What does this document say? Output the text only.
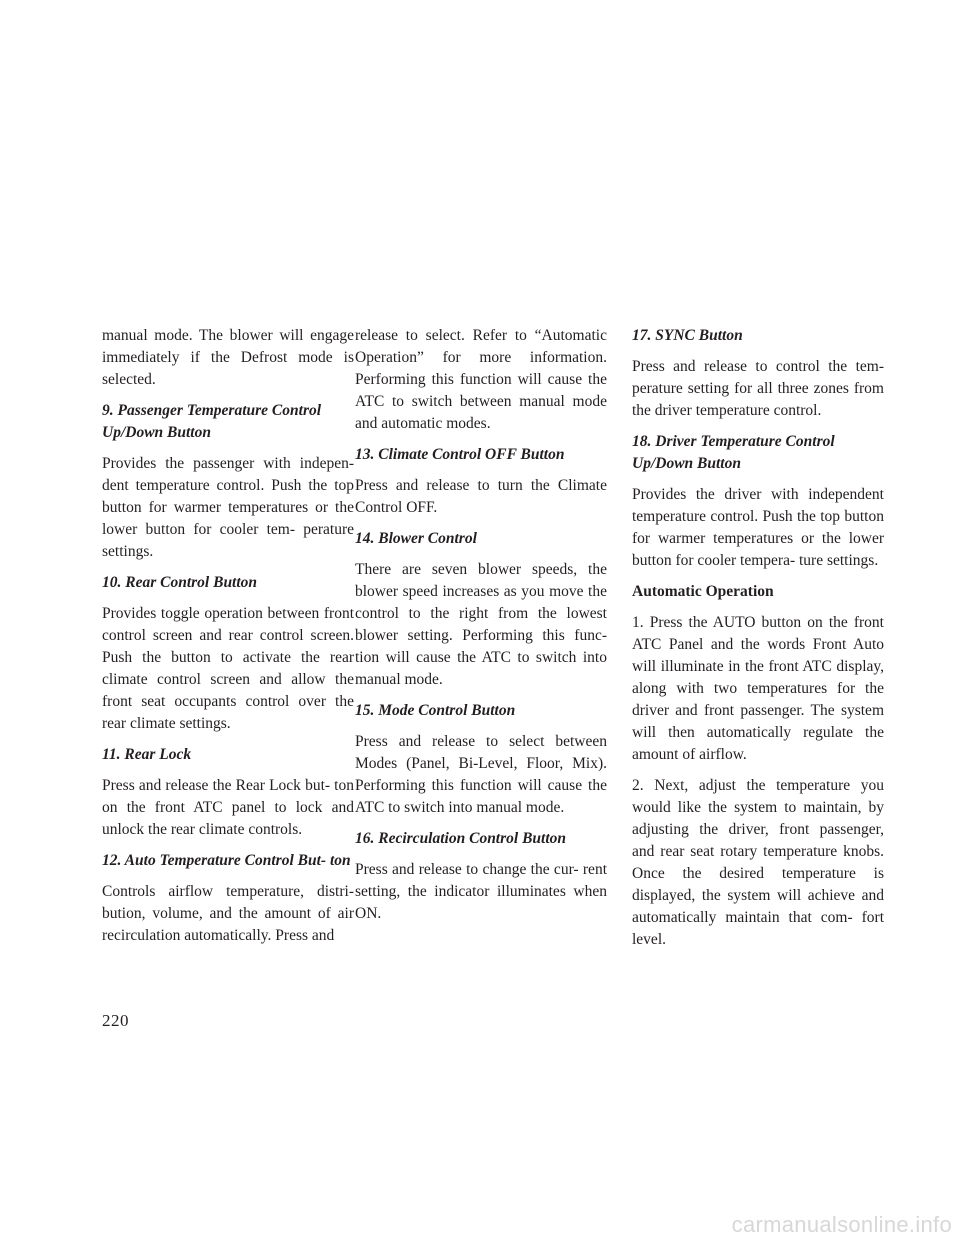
manual mode. The blower will engage immediately if the Defrost mode is selected.

9. Passenger Temperature Control Up/Down Button

Provides the passenger with indepen- dent temperature control. Push the top button for warmer temperatures or the lower button for cooler tem- perature settings.

10. Rear Control Button

Provides toggle operation between front control screen and rear control screen. Push the button to activate the rear climate control screen and allow the front seat occupants control over the rear climate settings.

11. Rear Lock

Press and release the Rear Lock but- ton on the front ATC panel to lock and unlock the rear climate controls.

12. Auto Temperature Control But- ton

Controls airflow temperature, distri- bution, volume, and the amount of air recirculation automatically. Press and

release to select. Refer to “Automatic Operation” for more information. Performing this function will cause the ATC to switch between manual mode and automatic modes.

13. Climate Control OFF Button

Press and release to turn the Climate Control OFF.

14. Blower Control

There are seven blower speeds, the blower speed increases as you move the control to the right from the lowest blower setting. Performing this func- tion will cause the ATC to switch into manual mode.

15. Mode Control Button

Press and release to select between Modes (Panel, Bi-Level, Floor, Mix). Performing this function will cause the ATC to switch into manual mode.

16. Recirculation Control Button

Press and release to change the cur- rent setting, the indicator illuminates when ON.

17. SYNC Button

Press and release to control the tem- perature setting for all three zones from the driver temperature control.

18. Driver Temperature Control Up/Down Button

Provides the driver with independent temperature control. Push the top button for warmer temperatures or the lower button for cooler tempera- ture settings.

Automatic Operation

1. Press the AUTO button on the front ATC Panel and the words Front Auto will illuminate in the front ATC display, along with two temperatures for the driver and front passenger. The system will then automatically regulate the amount of airflow.

2. Next, adjust the temperature you would like the system to maintain, by adjusting the driver, front passenger, and rear seat rotary temperature knobs. Once the desired temperature is displayed, the system will achieve and automatically maintain that com- fort level.

220
carmanualsonline.info
